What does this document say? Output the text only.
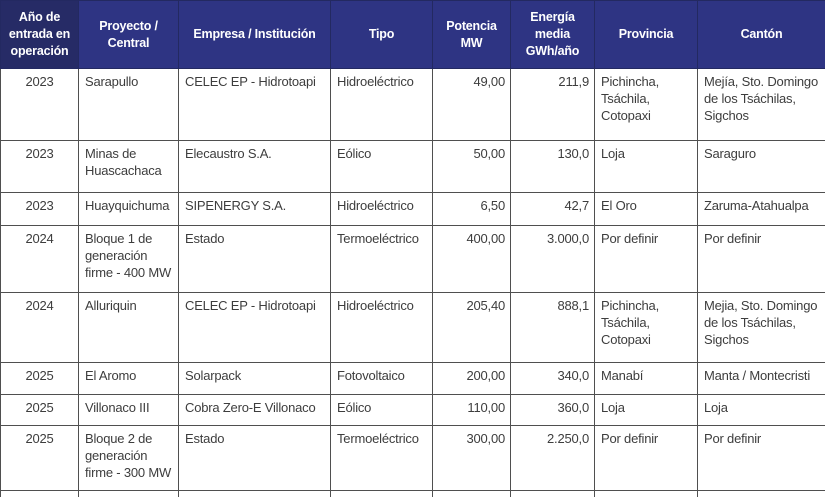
Año de entrada en operación	Proyecto / Central	Empresa / Institución	Tipo	Potencia MW	Energía media GWh/año	Provincia	Cantón
2023	Sarapullo	CELEC EP - Hidrotoapi	Hidroeléctrico	49,00	211,9	Pichincha, Tsáchila, Cotopaxi	Mejía, Sto. Domingo de los Tsáchilas, Sigchos
2023	Minas de Huascachaca	Elecaustro S.A.	Eólico	50,00	130,0	Loja	Saraguro
2023	Huayquichuma	SIPENERGY S.A.	Hidroeléctrico	6,50	42,7	El Oro	Zaruma-Atahualpa
2024	Bloque 1 de generación firme - 400 MW	Estado	Termoeléctrico	400,00	3.000,0	Por definir	Por definir
2024	Alluriquin	CELEC EP - Hidrotoapi	Hidroeléctrico	205,40	888,1	Pichincha, Tsáchila, Cotopaxi	Mejia, Sto. Domingo de los Tsáchilas, Sigchos
2025	El Aromo	Solarpack	Fotovoltaico	200,00	340,0	Manabí	Manta / Montecristi
2025	Villonaco III	Cobra Zero-E Villonaco	Eólico	110,00	360,0	Loja	Loja
2025	Bloque 2 de generación firme - 300 MW	Estado	Termoeléctrico	300,00	2.250,0	Por definir	Por definir
